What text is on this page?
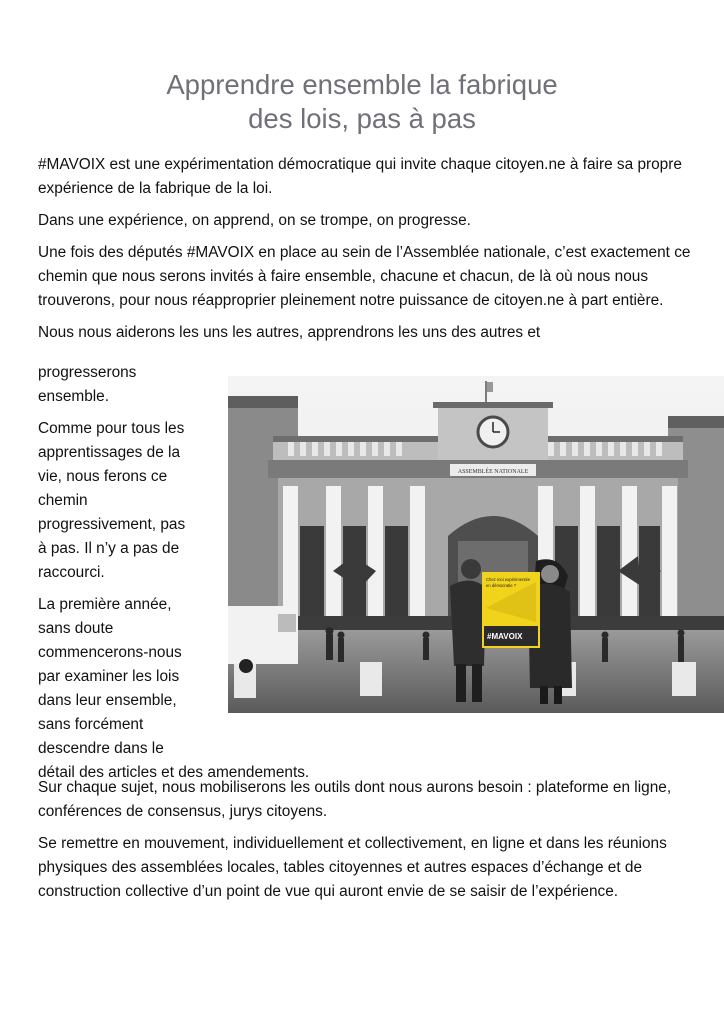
Apprendre ensemble la fabrique
des lois, pas à pas

#MAVOIX est une expérimentation démocratique qui invite chaque citoyen.ne à faire sa propre expérience de la fabrique de la loi.

Dans une expérience, on apprend, on se trompe, on progresse.

Une fois des députés #MAVOIX en place au sein de l’Assemblée nationale, c’est exactement ce chemin que nous serons invités à faire ensemble, chacune et chacun, de là où nous nous trouverons, pour nous réapproprier pleinement notre puissance de citoyen.ne à part entière.

Nous nous aiderons les uns les autres, apprendrons les uns des autres et

progresserons
ensemble.

Comme pour tous les
apprentissages de la
vie, nous ferons ce
chemin
progressivement, pas
à pas. Il n’y a pas de
raccourci.

La première année,
sans doute
commencerons-nous
par examiner les lois
dans leur ensemble,
sans forcément
descendre dans le
détail des articles et des amendements.

Sur chaque sujet, nous mobiliserons les outils dont nous aurons besoin : plateforme en ligne, conférences de consensus, jurys citoyens.

Se remettre en mouvement, individuellement et collectivement, en ligne et dans les réunions physiques des assemblées locales, tables citoyennes et autres espaces d’échange et de construction collective d’un point de vue qui auront envie de se saisir de l’expérience.

ASSEMBLÉE NATIONALE
Chez moi expérimentée
en démocratie ?
#MAVOIX
